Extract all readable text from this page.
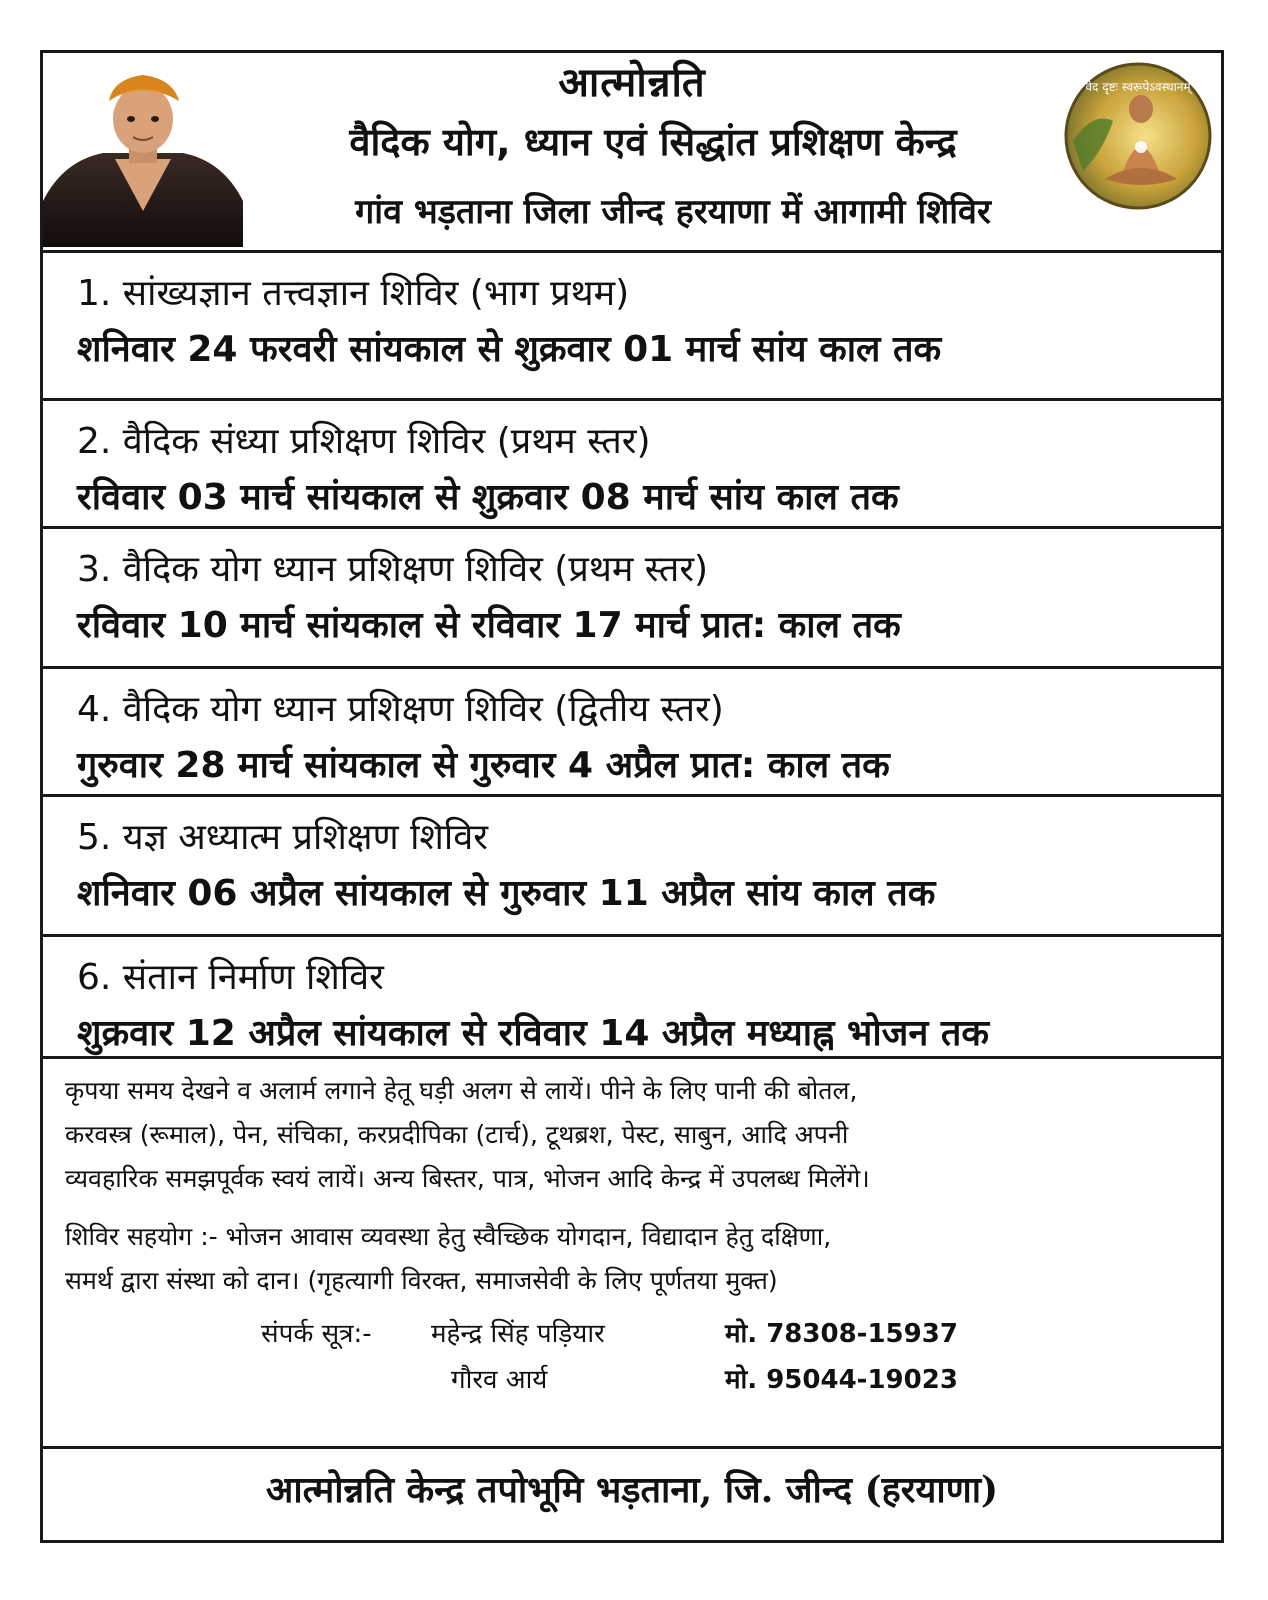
आत्मोन्नति
वैदिक योग, ध्यान एवं सिद्धांत प्रशिक्षण केन्द्र
गांव भड़ताना जिला जीन्द हरयाणा में आगामी शिविर
वेद दृष्टः स्वरूपेऽवस्थानम्
1. सांख्यज्ञान तत्त्वज्ञान शिविर (भाग प्रथम)
शनिवार 24 फरवरी सांयकाल से शुक्रवार 01 मार्च सांय काल तक
2. वैदिक संध्या प्रशिक्षण शिविर (प्रथम स्तर)
रविवार 03 मार्च सांयकाल से शुक्रवार 08 मार्च सांय काल तक
3. वैदिक योग ध्यान प्रशिक्षण शिविर (प्रथम स्तर)
रविवार 10 मार्च सांयकाल से रविवार 17 मार्च प्रात: काल तक
4. वैदिक योग ध्यान प्रशिक्षण शिविर (द्वितीय स्तर)
गुरुवार 28 मार्च सांयकाल से गुरुवार 4 अप्रैल प्रात: काल तक
5. यज्ञ अध्यात्म प्रशिक्षण शिविर
शनिवार 06 अप्रैल सांयकाल से गुरुवार 11 अप्रैल सांय काल तक
6. संतान निर्माण शिविर
शुक्रवार 12 अप्रैल सांयकाल से रविवार 14 अप्रैल मध्याह्न भोजन तक

कृपया समय देखने व अलार्म लगाने हेतू घड़ी अलग से लायें। पीने के लिए पानी की बोतल,

करवस्त्र (रूमाल), पेन, संचिका, करप्रदीपिका (टार्च), टूथब्रश, पेस्ट, साबुन, आदि अपनी

व्यवहारिक समझपूर्वक स्वयं लायें। अन्य बिस्तर, पात्र, भोजन आदि केन्द्र में उपलब्ध मिलेंगे।

शिविर सहयोग :- भोजन आवास व्यवस्था हेतु स्वैच्छिक योगदान, विद्यादान हेतु दक्षिणा,

समर्थ द्वारा संस्था को दान। (गृहत्यागी विरक्त, समाजसेवी के लिए पूर्णतया मुक्त)

संपर्क सूत्र:- महेन्द्र सिंह पड़ियार	मो. 78308-15937
गौरव आर्य	मो. 95044-19023
आत्मोन्नति केन्द्र तपोभूमि भड़ताना, जि. जीन्द (हरयाणा)
